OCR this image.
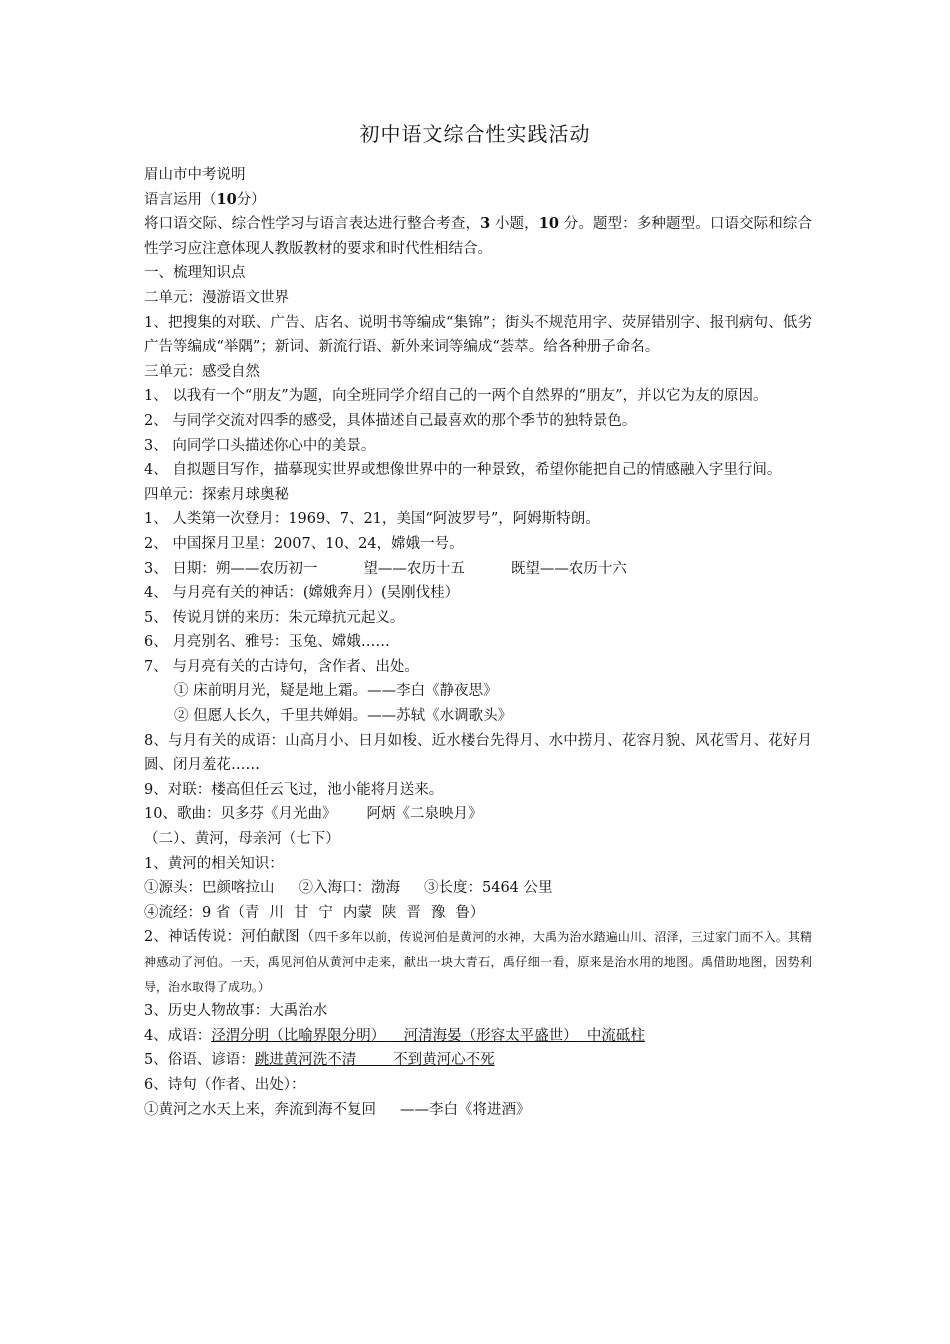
初中语文综合性实践活动

眉山市中考说明

语言运用（10分）

将口语交际、综合性学习与语言表达进行整合考查，3 小题，10 分。题型：多种题型。口语交际和综合性学习应注意体现人教版教材的要求和时代性相结合。

一、梳理知识点

二单元：漫游语文世界

1、把搜集的对联、广告、店名、说明书等编成“集锦”；街头不规范用字、荧屏错别字、报刊病句、低劣广告等编成“举隅”；新词、新流行语、新外来词等编成“荟萃。给各种册子命名。

三单元：感受自然

1、 以我有一个“朋友”为题，向全班同学介绍自己的一两个自然界的“朋友”，并以它为友的原因。

2、 与同学交流对四季的感受，具体描述自己最喜欢的那个季节的独特景色。

3、 向同学口头描述你心中的美景。

4、 自拟题目写作，描摹现实世界或想像世界中的一种景致，希望你能把自己的情感融入字里行间。

四单元：探索月球奥秘

1、 人类第一次登月：1969、7、21，美国“阿波罗号”，阿姆斯特朗。

2、 中国探月卫星：2007、10、24，嫦娥一号。

3、 日期：朔——农历初一	望——农历十五	既望——农历十六

4、 与月亮有关的神话：(嫦娥奔月）(吴刚伐桂）

5、 传说月饼的来历：朱元璋抗元起义。

6、 月亮别名、雅号：玉兔、嫦娥……

7、 与月亮有关的古诗句，含作者、出处。

① 床前明月光，疑是地上霜。——李白《静夜思》

② 但愿人长久，千里共婵娟。——苏轼《水调歌头》

8、与月有关的成语：山高月小、日月如梭、近水楼台先得月、水中捞月、花容月貌、风花雪月、花好月圆、闭月羞花……

9、对联：楼高但任云飞过，池小能将月送来。

10、歌曲：贝多芬《月光曲》 阿炳《二泉映月》

（二）、黄河，母亲河（七下）

1、黄河的相关知识：

①源头：巴颜喀拉山 ②入海口：渤海 ③长度：5464 公里

④流经：9 省（青 川 甘 宁 内蒙 陕 晋 豫 鲁）

2、神话传说：河伯献图（四千多年以前，传说河伯是黄河的水神，大禹为治水踏遍山川、沼泽，三过家门而不入。其精神感动了河伯。一天，禹见河伯从黄河中走来，献出一块大青石，禹仔细一看，原来是治水用的地图。禹借助地图，因势利导，治水取得了成功。）

3、历史人物故事：大禹治水

4、成语：泾渭分明（比喻界限分明） 河清海晏（形容太平盛世） 中流砥柱

5、俗语、谚语：跳进黄河洗不清	不到黄河心不死

6、诗句（作者、出处）：

①黄河之水天上来，奔流到海不复回 ——李白《将进酒》
